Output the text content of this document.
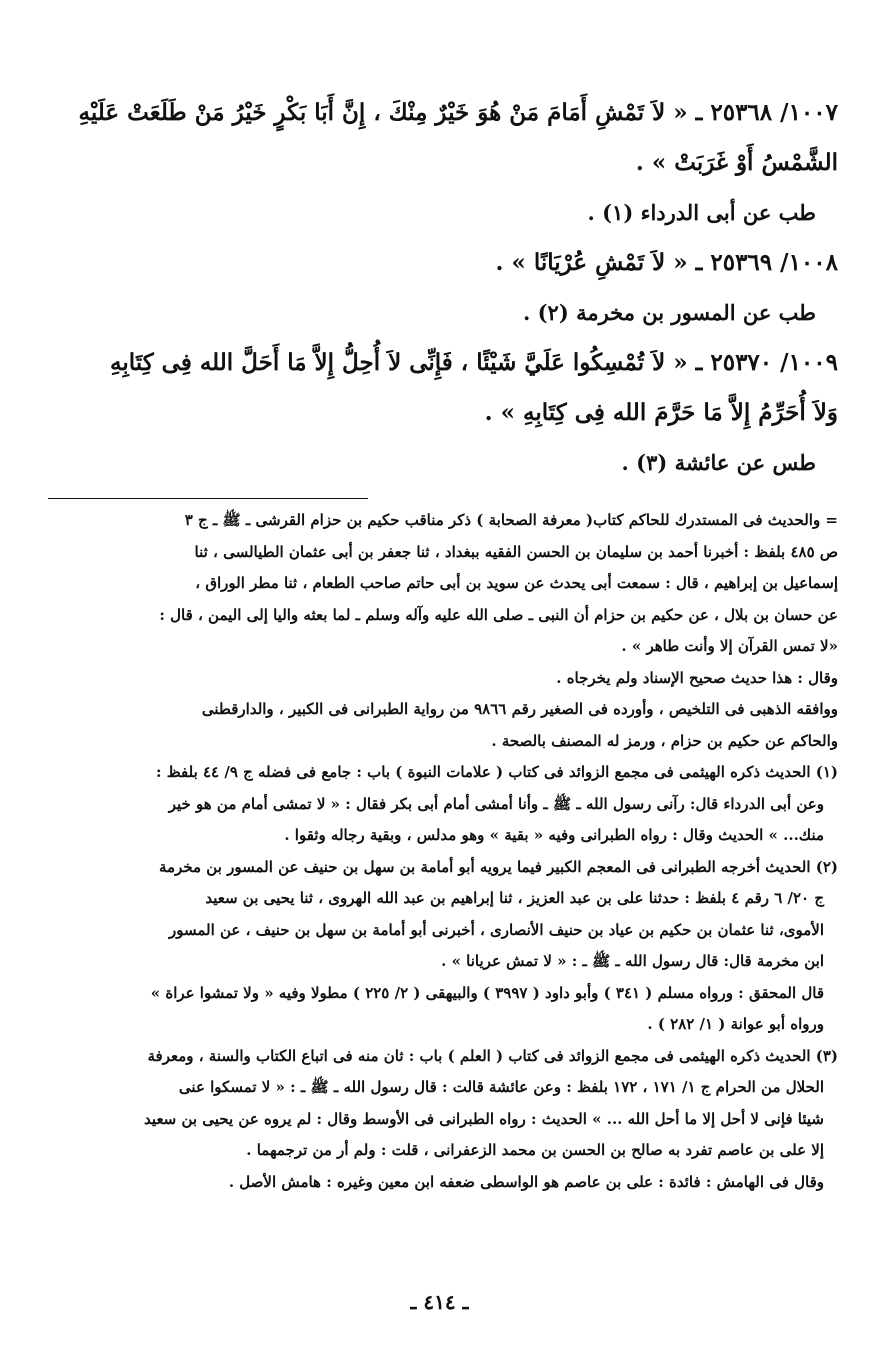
١٠٠٧/ ٢٥٣٦٨ ـ « لاَ تَمْشِ أَمَامَ مَنْ هُوَ خَيْرٌ مِنْكَ ، إِنَّ أَبَا بَكْرٍ خَيْرُ مَنْ طَلَعَتْ عَلَيْهِ

الشَّمْسُ أَوْ غَرَبَتْ » .

طب عن أبى الدرداء (١) .

١٠٠٨/ ٢٥٣٦٩ ـ « لاَ تَمْشِ عُرْيَانًا » .

طب عن المسور بن مخرمة (٢) .

١٠٠٩/ ٢٥٣٧٠ ـ « لاَ تُمْسِكُوا عَلَيَّ شَيْئًا ، فَإِنِّى لاَ أُحِلُّ إِلاَّ مَا أَحَلَّ الله فِى كِتَابِهِ

وَلاَ أُحَرِّمُ إِلاَّ مَا حَرَّمَ الله فِى كِتَابِهِ » .

طس عن عائشة (٣) .

= والحديث فى المستدرك للحاكم كتاب( معرفة الصحابة ) ذكر مناقب حكيم بن حزام القرشى ـ ﷺ ـ ج ٣

ص ٤٨٥ بلفظ : أخبرنا أحمد بن سليمان بن الحسن الفقيه ببغداد ، ثنا جعفر بن أبى عثمان الطيالسى ، ثنا

إسماعيل بن إبراهيم ، قال : سمعت أبى يحدث عن سويد بن أبى حاتم صاحب الطعام ، ثنا مطر الوراق ،

عن حسان بن بلال ، عن حكيم بن حزام أن النبى ـ صلى الله عليه وآله وسلم ـ لما بعثه واليا إلى اليمن ، قال :

«لا تمس القرآن إلا وأنت طاهر » .

وقال : هذا حديث صحيح الإسناد ولم يخرجاه .

ووافقه الذهبى فى التلخيص ، وأورده فى الصغير رقم ٩٨٦٦ من رواية الطبرانى فى الكبير ، والدارقطنى

والحاكم عن حكيم بن حزام ، ورمز له المصنف بالصحة .

(١) الحديث ذكره الهيثمى فى مجمع الزوائد فى كتاب ( علامات النبوة ) باب : جامع فى فضله ج ٩/ ٤٤ بلفظ :

وعن أبى الدرداء قال: رآنى رسول الله ـ ﷺ ـ وأنا أمشى أمام أبى بكر فقال : « لا تمشى أمام من هو خير

منك... » الحديث وقال : رواه الطبرانى وفيه « بقية » وهو مدلس ، وبقية رجاله وثقوا .

(٢) الحديث أخرجه الطبرانى فى المعجم الكبير فيما يرويه أبو أمامة بن سهل بن حنيف عن المسور بن مخرمة

ج ٢٠/ ٦ رقم ٤ بلفظ : حدثنا على بن عبد العزيز ، ثنا إبراهيم بن عبد الله الهروى ، ثنا يحيى بن سعيد

الأموى، ثنا عثمان بن حكيم بن عياد بن حنيف الأنصارى ، أخبرنى أبو أمامة بن سهل بن حنيف ، عن المسور

ابن مخرمة قال: قال رسول الله ـ ﷺ ـ : « لا تمش عريانا » .

قال المحقق : ورواه مسلم ( ٣٤١ ) وأبو داود ( ٣٩٩٧ ) والبيهقى ( ٢/ ٢٢٥ ) مطولا وفيه « ولا تمشوا عراة »

ورواه أبو عوانة ( ١/ ٢٨٢ ) .

(٣) الحديث ذكره الهيثمى فى مجمع الزوائد فى كتاب ( العلم ) باب : ثان منه فى اتباع الكتاب والسنة ، ومعرفة

الحلال من الحرام ج ١/ ١٧١ ، ١٧٢ بلفظ : وعن عائشة قالت : قال رسول الله ـ ﷺ ـ : « لا تمسكوا عنى

شيئا فإنى لا أحل إلا ما أحل الله ... » الحديث : رواه الطبرانى فى الأوسط وقال : لم يروه عن يحيى بن سعيد

إلا على بن عاصم تفرد به صالح بن الحسن بن محمد الزعفرانى ، قلت : ولم أر من ترجمهما .

وقال فى الهامش : فائدة : على بن عاصم هو الواسطى ضعفه ابن معين وغيره : هامش الأصل .

ـ ٤١٤ ـ
